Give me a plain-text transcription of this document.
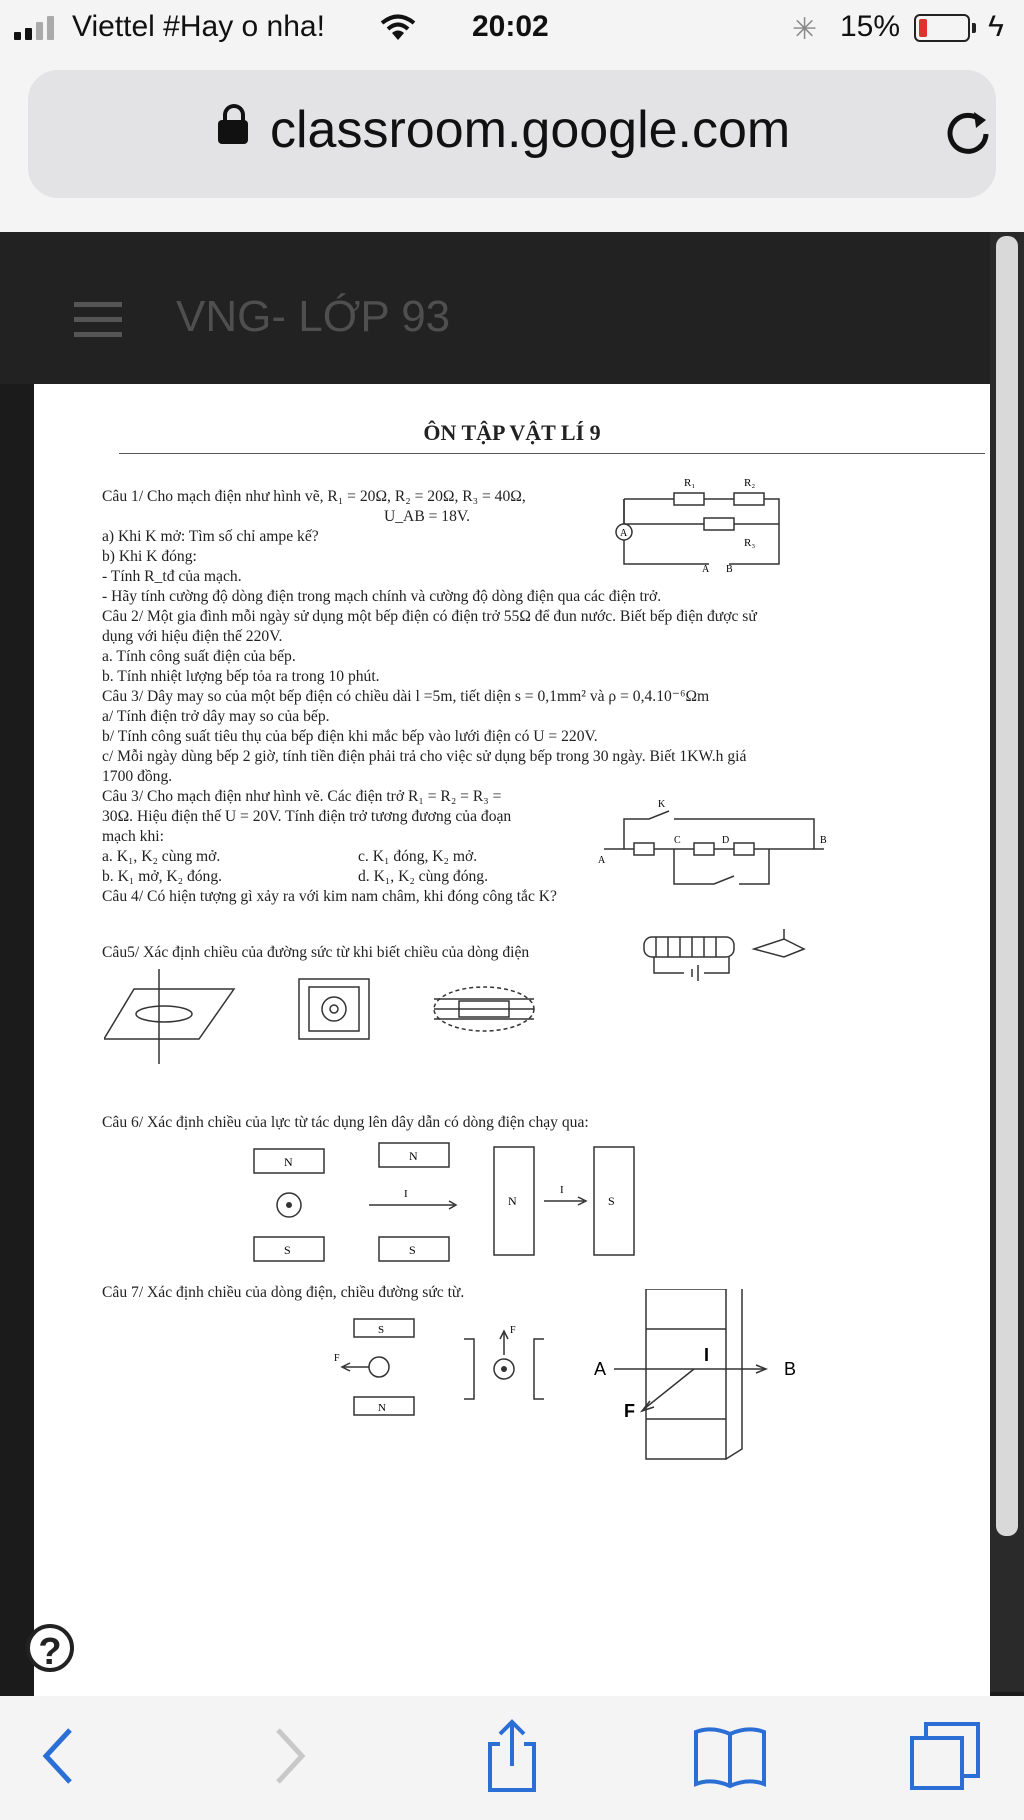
Viettel #Hay o nha!	20:02	✳ 15%	ϟ
classroom.google.com
VNG- LỚP 93
ÔN TẬP VẬT LÍ 9
Câu 1/ Cho mạch điện như hình vẽ, R₁ = 20Ω, R₂ = 20Ω, R₃ = 40Ω,
U_AB = 18V.
a) Khi K mở: Tìm số chỉ ampe kế?
b) Khi K đóng:
- Tính R_tđ của mạch.
- Hãy tính cường độ dòng điện trong mạch chính và cường độ dòng điện qua các điện trở.
Câu 2/ Một gia đình mỗi ngày sử dụng một bếp điện có điện trở 55Ω để đun nước. Biết bếp điện được sử
dụng với hiệu điện thế 220V.
a. Tính công suất điện của bếp.
b. Tính nhiệt lượng bếp tỏa ra trong 10 phút.
Câu 3/ Dây may so của một bếp điện có chiều dài l =5m, tiết diện s = 0,1mm² và ρ = 0,4.10⁻⁶Ωm
a/ Tính điện trở dây may so của bếp.
b/ Tính công suất tiêu thụ của bếp điện khi mắc bếp vào lưới điện có U = 220V.
c/ Mỗi ngày dùng bếp 2 giờ, tính tiền điện phải trả cho việc sử dụng bếp trong 30 ngày. Biết 1KW.h giá
1700 đồng.
Câu 3/ Cho mạch điện như hình vẽ. Các điện trở R₁ = R₂ = R₃ =
30Ω. Hiệu điện thế U = 20V. Tính điện trở tương đương của đoạn
mạch khi:
a. K₁, K₂ cùng mở.	c. K₁ đóng, K₂ mở.
b. K₁ mở, K₂ đóng.	d. K₁, K₂ cùng đóng.
Câu 4/ Có hiện tượng gì xảy ra với kim nam châm, khi đóng công tắc K?
Câu5/ Xác định chiều của đường sức từ khi biết chiều của dòng điện
Câu 6/ Xác định chiều của lực từ tác dụng lên dây dẫn có dòng điện chạy qua:
Câu 7/ Xác định chiều của dòng điện, chiều đường sức từ.
R₁	R₂
R₃
A
A B
A
B
K
C	D
N
S
N
S
I	N	S
I
S
N
F
F
A	B
I
F
?
